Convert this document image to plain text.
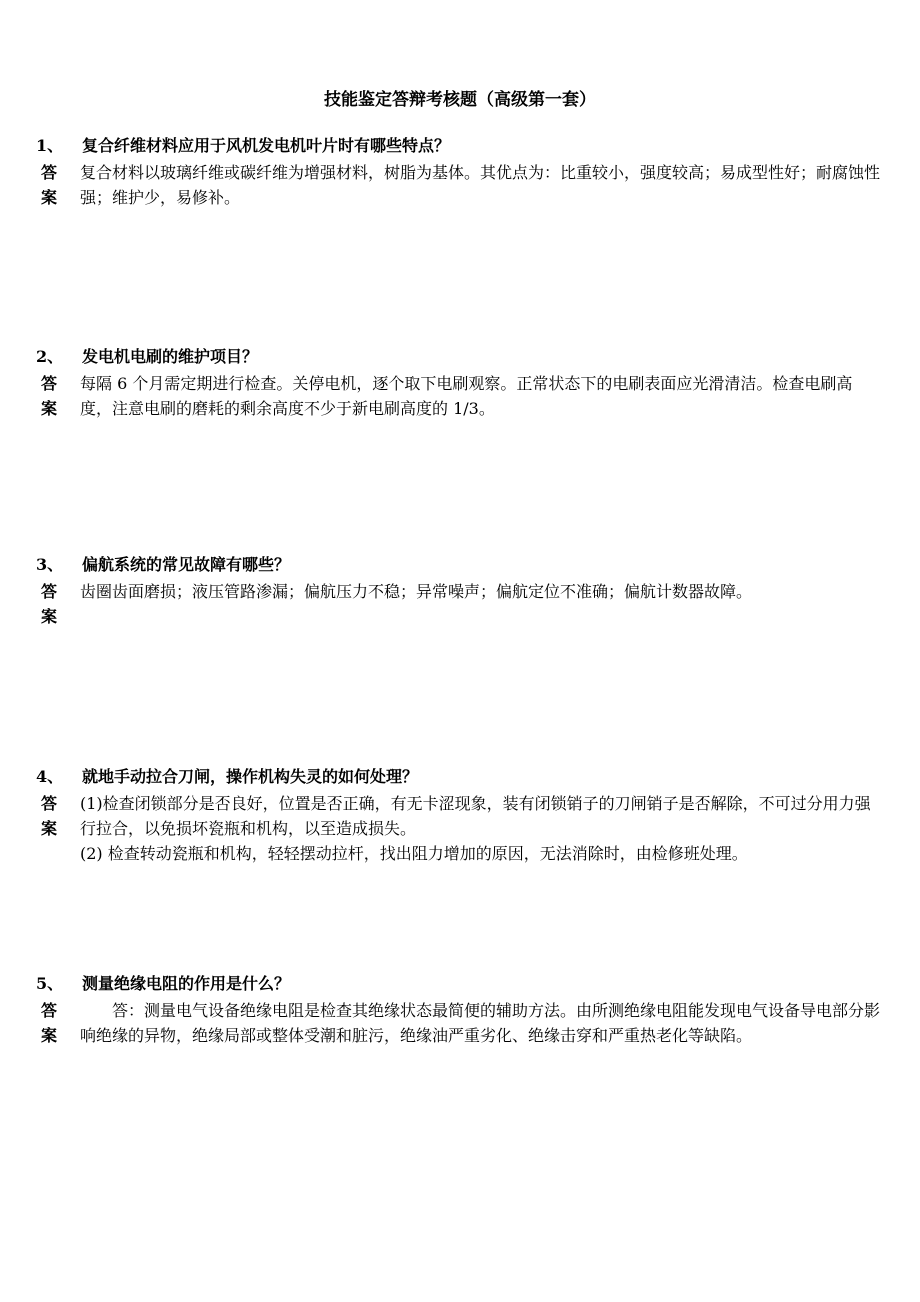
技能鉴定答辩考核题（高级第一套）
1、	复合纤维材料应用于风机发电机叶片时有哪些特点？
答
案

复合材料以玻璃纤维或碳纤维为增强材料，树脂为基体。其优点为：比重较小，强度较高；易成型性好；耐腐蚀性强；维护少，易修补。

2、	发电机电刷的维护项目？
答
案

每隔 6 个月需定期进行检查。关停电机，逐个取下电刷观察。正常状态下的电刷表面应光滑清洁。检查电刷高度，注意电刷的磨耗的剩余高度不少于新电刷高度的 1/3。

3、	偏航系统的常见故障有哪些？
答
案

齿圈齿面磨损；液压管路渗漏；偏航压力不稳；异常噪声；偏航定位不准确；偏航计数器故障。

4、	就地手动拉合刀闸，操作机构失灵的如何处理？
答
案

(1)检查闭锁部分是否良好，位置是否正确，有无卡涩现象，装有闭锁销子的刀闸销子是否解除，不可过分用力强行拉合，以免损坏瓷瓶和机构，以至造成损失。

(2) 检查转动瓷瓶和机构，轻轻摆动拉杆，找出阻力增加的原因，无法消除时，由检修班处理。

5、	测量绝缘电阻的作用是什么？
答
案

　　答：测量电气设备绝缘电阻是检查其绝缘状态最简便的辅助方法。由所测绝缘电阻能发现电气设备导电部分影响绝缘的异物，绝缘局部或整体受潮和脏污，绝缘油严重劣化、绝缘击穿和严重热老化等缺陷。
